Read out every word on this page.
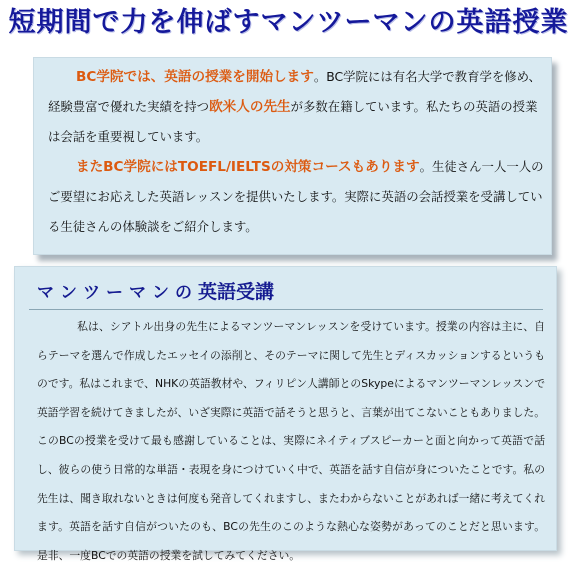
短期間で力を伸ばすマンツーマンの英語授業

BC学院では、英語の授業を開始します。BC学院には有名大学で教育学を修め、経験豊富で優れた実績を持つ欧米人の先生が多数在籍しています。私たちの英語の授業は会話を重要視しています。

またBC学院にはTOEFL/IELTSの対策コースもあります。生徒さん一人一人のご要望にお応えした英語レッスンを提供いたします。実際に英語の会話授業を受講している生徒さんの体験談をご紹介します。

マンツーマンの英語受講

私は、シアトル出身の先生によるマンツーマンレッスンを受けています。授業の内容は主に、自らテーマを選んで作成したエッセイの添削と、そのテーマに関して先生とディスカッションするというものです。私はこれまで、NHKの英語教材や、フィリピン人講師とのSkypeによるマンツーマンレッスンで英語学習を続けてきましたが、いざ実際に英語で話そうと思うと、言葉が出てこないこともありました。このBCの授業を受けて最も感謝していることは、実際にネイティブスピーカーと面と向かって英語で話し、彼らの使う日常的な単語・表現を身につけていく中で、英語を話す自信が身についたことです。私の先生は、聞き取れないときは何度も発音してくれますし、またわからないことがあれば一緒に考えてくれます。英語を話す自信がついたのも、BCの先生のこのような熱心な姿勢があってのことだと思います。是非、一度BCでの英語の授業を試してみてください。
